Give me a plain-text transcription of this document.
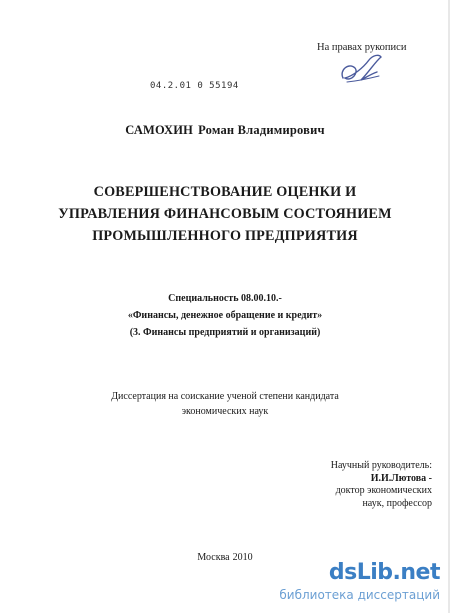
На правах рукописи
04.2.01 0 55194
САМОХИН Роман Владимирович
СОВЕРШЕНСТВОВАНИЕ ОЦЕНКИ И
УПРАВЛЕНИЯ ФИНАНСОВЫМ СОСТОЯНИЕМ
ПРОМЫШЛЕННОГО ПРЕДПРИЯТИЯ
Специальность 08.00.10.-
«Финансы, денежное обращение и кредит»
(3. Финансы предприятий и организаций)
Диссертация на соискание ученой степени кандидата
экономических наук
Научный руководитель:
И.И.Лютова -
доктор экономических
наук, профессор
Москва 2010
dsLib.net
библиотека диссертаций
